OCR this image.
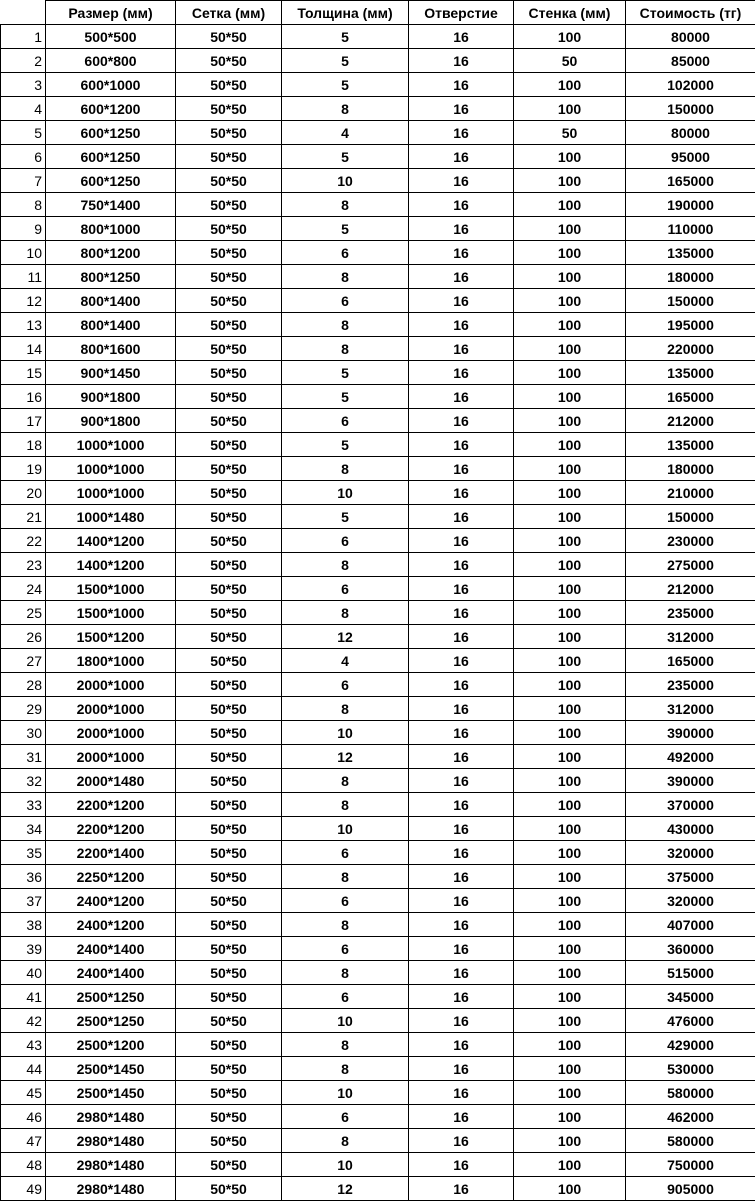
	Размер (мм)	Сетка (мм)	Толщина (мм)	Отверстие	Стенка (мм)	Стоимость (тг)
1	500*500	50*50	5	16	100	80000
2	600*800	50*50	5	16	50	85000
3	600*1000	50*50	5	16	100	102000
4	600*1200	50*50	8	16	100	150000
5	600*1250	50*50	4	16	50	80000
6	600*1250	50*50	5	16	100	95000
7	600*1250	50*50	10	16	100	165000
8	750*1400	50*50	8	16	100	190000
9	800*1000	50*50	5	16	100	110000
10	800*1200	50*50	6	16	100	135000
11	800*1250	50*50	8	16	100	180000
12	800*1400	50*50	6	16	100	150000
13	800*1400	50*50	8	16	100	195000
14	800*1600	50*50	8	16	100	220000
15	900*1450	50*50	5	16	100	135000
16	900*1800	50*50	5	16	100	165000
17	900*1800	50*50	6	16	100	212000
18	1000*1000	50*50	5	16	100	135000
19	1000*1000	50*50	8	16	100	180000
20	1000*1000	50*50	10	16	100	210000
21	1000*1480	50*50	5	16	100	150000
22	1400*1200	50*50	6	16	100	230000
23	1400*1200	50*50	8	16	100	275000
24	1500*1000	50*50	6	16	100	212000
25	1500*1000	50*50	8	16	100	235000
26	1500*1200	50*50	12	16	100	312000
27	1800*1000	50*50	4	16	100	165000
28	2000*1000	50*50	6	16	100	235000
29	2000*1000	50*50	8	16	100	312000
30	2000*1000	50*50	10	16	100	390000
31	2000*1000	50*50	12	16	100	492000
32	2000*1480	50*50	8	16	100	390000
33	2200*1200	50*50	8	16	100	370000
34	2200*1200	50*50	10	16	100	430000
35	2200*1400	50*50	6	16	100	320000
36	2250*1200	50*50	8	16	100	375000
37	2400*1200	50*50	6	16	100	320000
38	2400*1200	50*50	8	16	100	407000
39	2400*1400	50*50	6	16	100	360000
40	2400*1400	50*50	8	16	100	515000
41	2500*1250	50*50	6	16	100	345000
42	2500*1250	50*50	10	16	100	476000
43	2500*1200	50*50	8	16	100	429000
44	2500*1450	50*50	8	16	100	530000
45	2500*1450	50*50	10	16	100	580000
46	2980*1480	50*50	6	16	100	462000
47	2980*1480	50*50	8	16	100	580000
48	2980*1480	50*50	10	16	100	750000
49	2980*1480	50*50	12	16	100	905000
